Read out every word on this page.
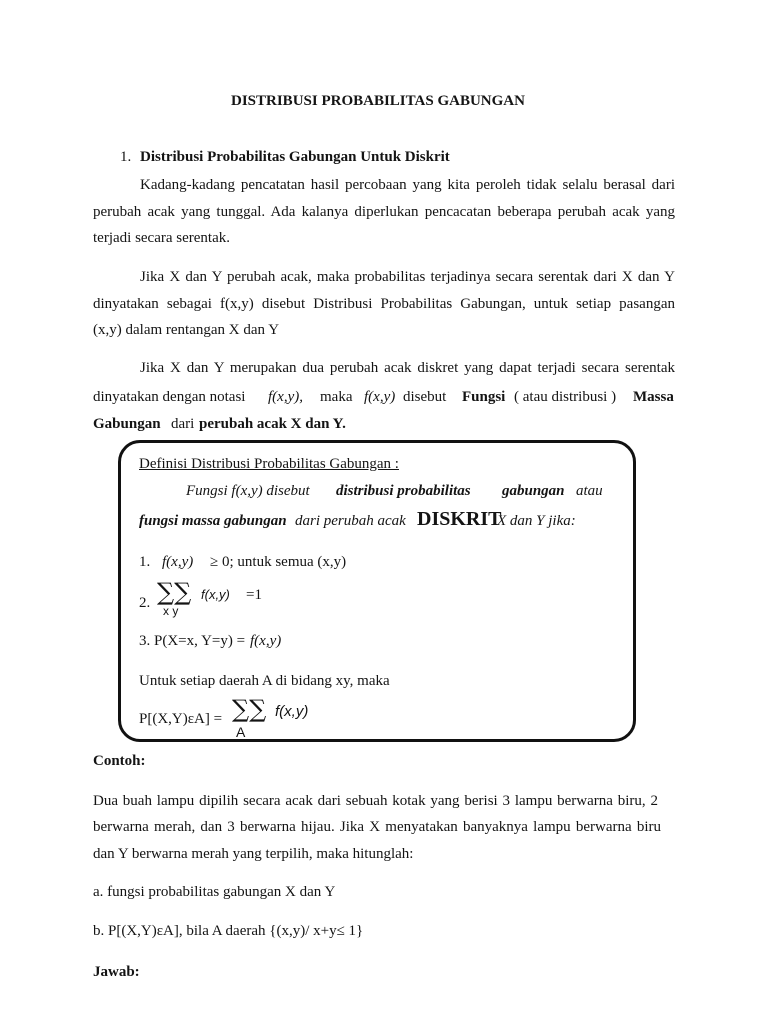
DISTRIBUSI PROBABILITAS GABUNGAN
1. Distribusi Probabilitas Gabungan Untuk Diskrit
Kadang-kadang pencatatan hasil percobaan yang kita peroleh tidak selalu berasal dari
perubah acak yang tunggal. Ada kalanya diperlukan pencacatan beberapa perubah acak yang
terjadi secara serentak.
Jika X dan Y perubah acak, maka probabilitas terjadinya secara serentak dari X dan Y
dinyatakan sebagai f(x,y) disebut Distribusi Probabilitas Gabungan, untuk setiap pasangan
(x,y) dalam rentangan X dan Y
Jika X dan Y merupakan dua perubah acak diskret yang dapat terjadi secara serentak
dinyatakan dengan notasi f(x,y), maka f(x,y) disebut Fungsi ( atau distribusi ) Massa
Gabungan dari perubah acak X dan Y.
Definisi Distribusi Probabilitas Gabungan :
Fungsi f(x,y) disebut distribusi probabilitas gabungan atau
fungsi massa gabungan dari perubah acak DISKRIT
X dan Y jika:
1. f(x,y) ≥ 0; untuk semua (x,y)
2. ∑∑
x y
f(x,y) =1
3. P(X=x, Y=y) = f(x,y)
Untuk setiap daerah A di bidang xy, maka
P[(X,Y)εA] = ∑∑
A
f(x,y)
Contoh:
Dua buah lampu dipilih secara acak dari sebuah kotak yang berisi 3 lampu berwarna biru, 2
berwarna merah, dan 3 berwarna hijau. Jika X menyatakan banyaknya lampu berwarna biru
dan Y berwarna merah yang terpilih, maka hitunglah:
a. fungsi probabilitas gabungan X dan Y
b. P[(X,Y)εA], bila A daerah {(x,y)/ x+y≤ 1}
Jawab:
